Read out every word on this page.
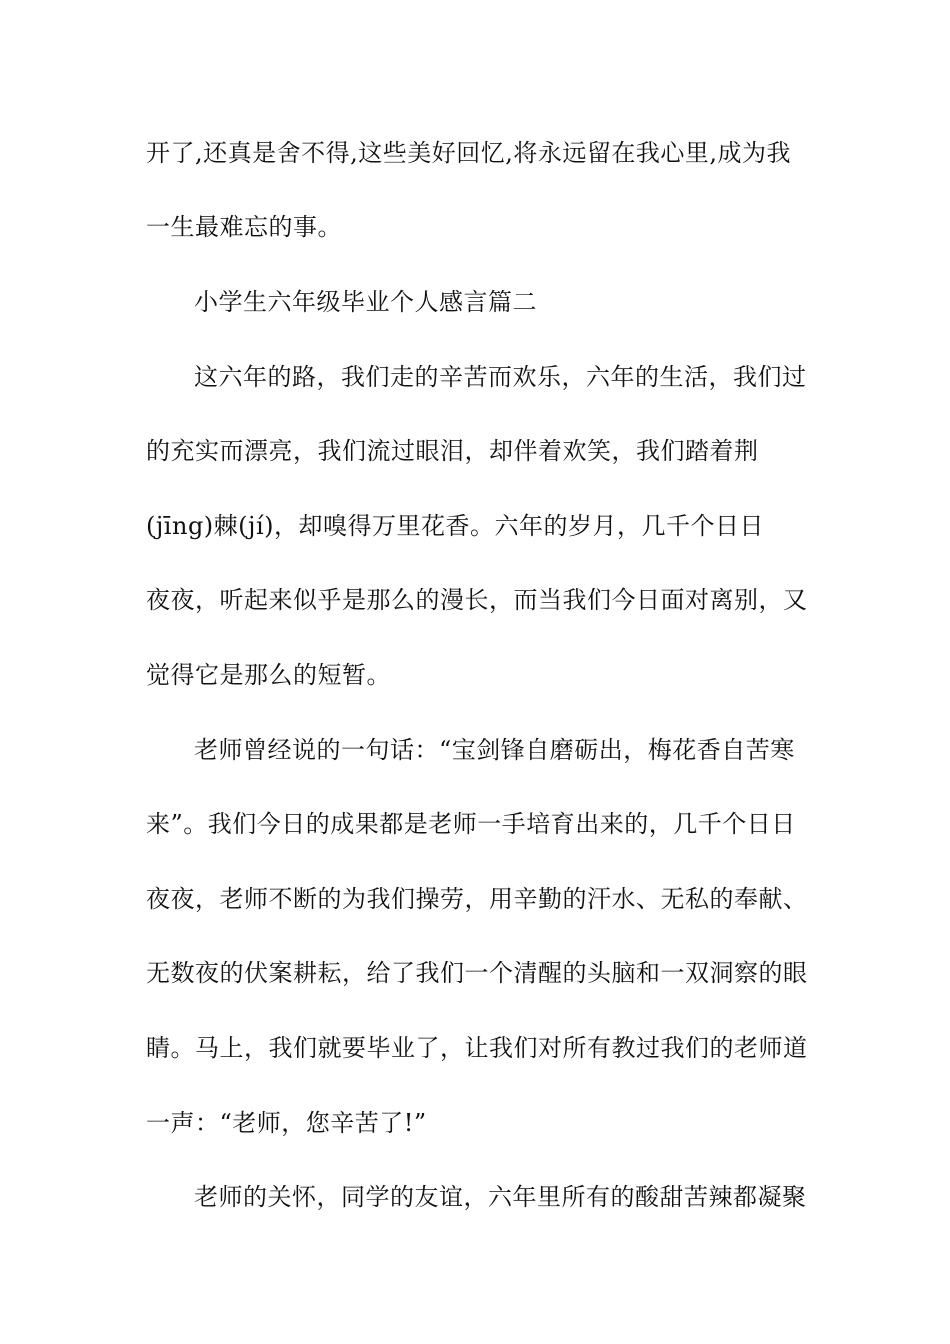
开了,还真是舍不得,这些美好回忆,将永远留在我心里,成为我
一生最难忘的事。
小学生六年级毕业个人感言篇二
这六年的路，我们走的辛苦而欢乐，六年的生活，我们过
的充实而漂亮，我们流过眼泪，却伴着欢笑，我们踏着荆
(jīng)棘(jí)，却嗅得万里花香。六年的岁月，几千个日日
夜夜，听起来似乎是那么的漫长，而当我们今日面对离别，又
觉得它是那么的短暂。
老师曾经说的一句话：“宝剑锋自磨砺出，梅花香自苦寒
来”。我们今日的成果都是老师一手培育出来的，几千个日日
夜夜，老师不断的为我们操劳，用辛勤的汗水、无私的奉献、
无数夜的伏案耕耘，给了我们一个清醒的头脑和一双洞察的眼
睛。马上，我们就要毕业了，让我们对所有教过我们的老师道
一声：“老师，您辛苦了!”
老师的关怀，同学的友谊，六年里所有的酸甜苦辣都凝聚
